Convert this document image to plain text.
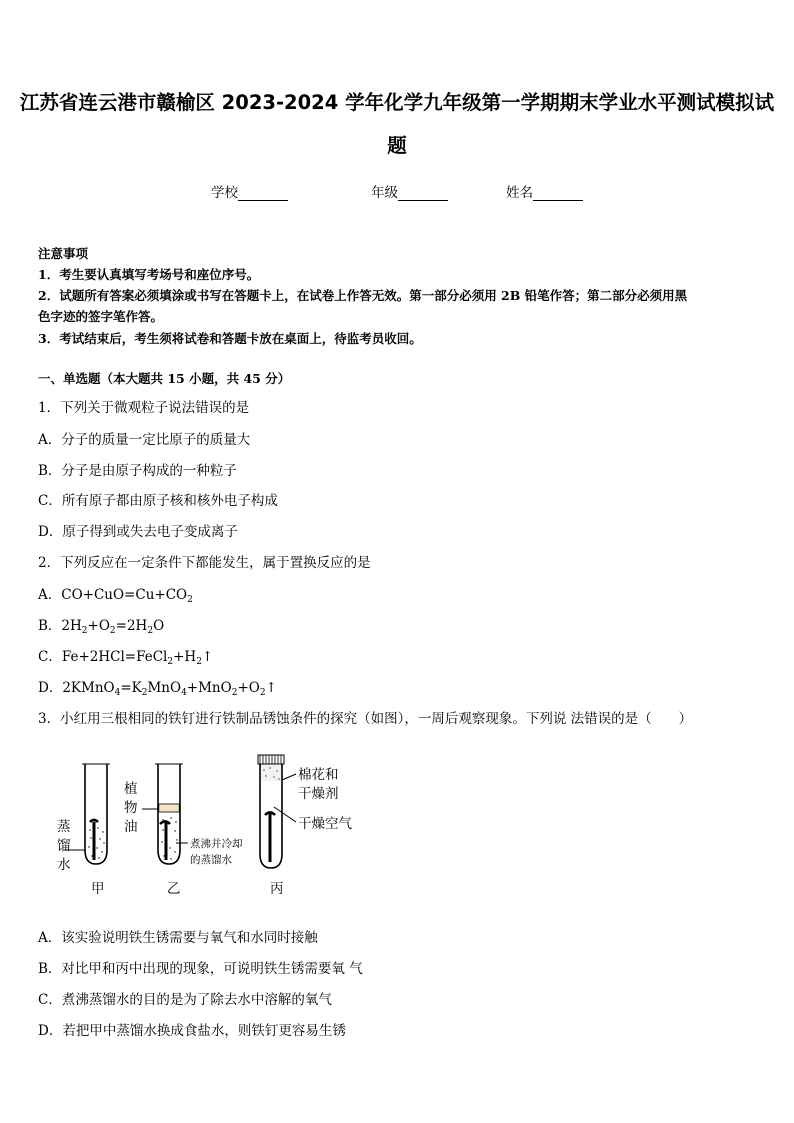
江苏省连云港市赣榆区 2023-2024 学年化学九年级第一学期期末学业水平测试模拟试
题
学校	年级	姓名
注意事项
1．考生要认真填写考场号和座位序号。
2．试题所有答案必须填涂或书写在答题卡上，在试卷上作答无效。第一部分必须用 2B 铅笔作答；第二部分必须用黑
色字迹的签字笔作答。
3．考试结束后，考生须将试卷和答题卡放在桌面上，待监考员收回。
一、单选题（本大题共 15 小题，共 45 分）
1．下列关于微观粒子说法错误的是
A．分子的质量一定比原子的质量大
B．分子是由原子构成的一种粒子
C．所有原子都由原子核和核外电子构成
D．原子得到或失去电子变成离子
2．下列反应在一定条件下都能发生，属于置换反应的是
A．$CO+CuO=Cu+CO_2$
B．$2H_2+O_2=2H_2O$
C．$Fe+2HCl=FeCl_2+H_2↑$
D．$2KMnO_4=K_2MnO_4+MnO_2+O_2↑$
3．小红用三根相同的铁钉进行铁制品锈蚀条件的探究（如图），一周后观察现象。下列说 法错误的是（　　）
蒸
馏
水
植
物
油
煮沸并冷却
的蒸馏水
棉花和
干燥剂
干燥空气
甲	乙	丙
A．该实验说明铁生锈需要与氧气和水同时接触
B．对比甲和丙中出现的现象，可说明铁生锈需要氧 气
C．煮沸蒸馏水的目的是为了除去水中溶解的氧气
D．若把甲中蒸馏水换成食盐水，则铁钉更容易生锈
